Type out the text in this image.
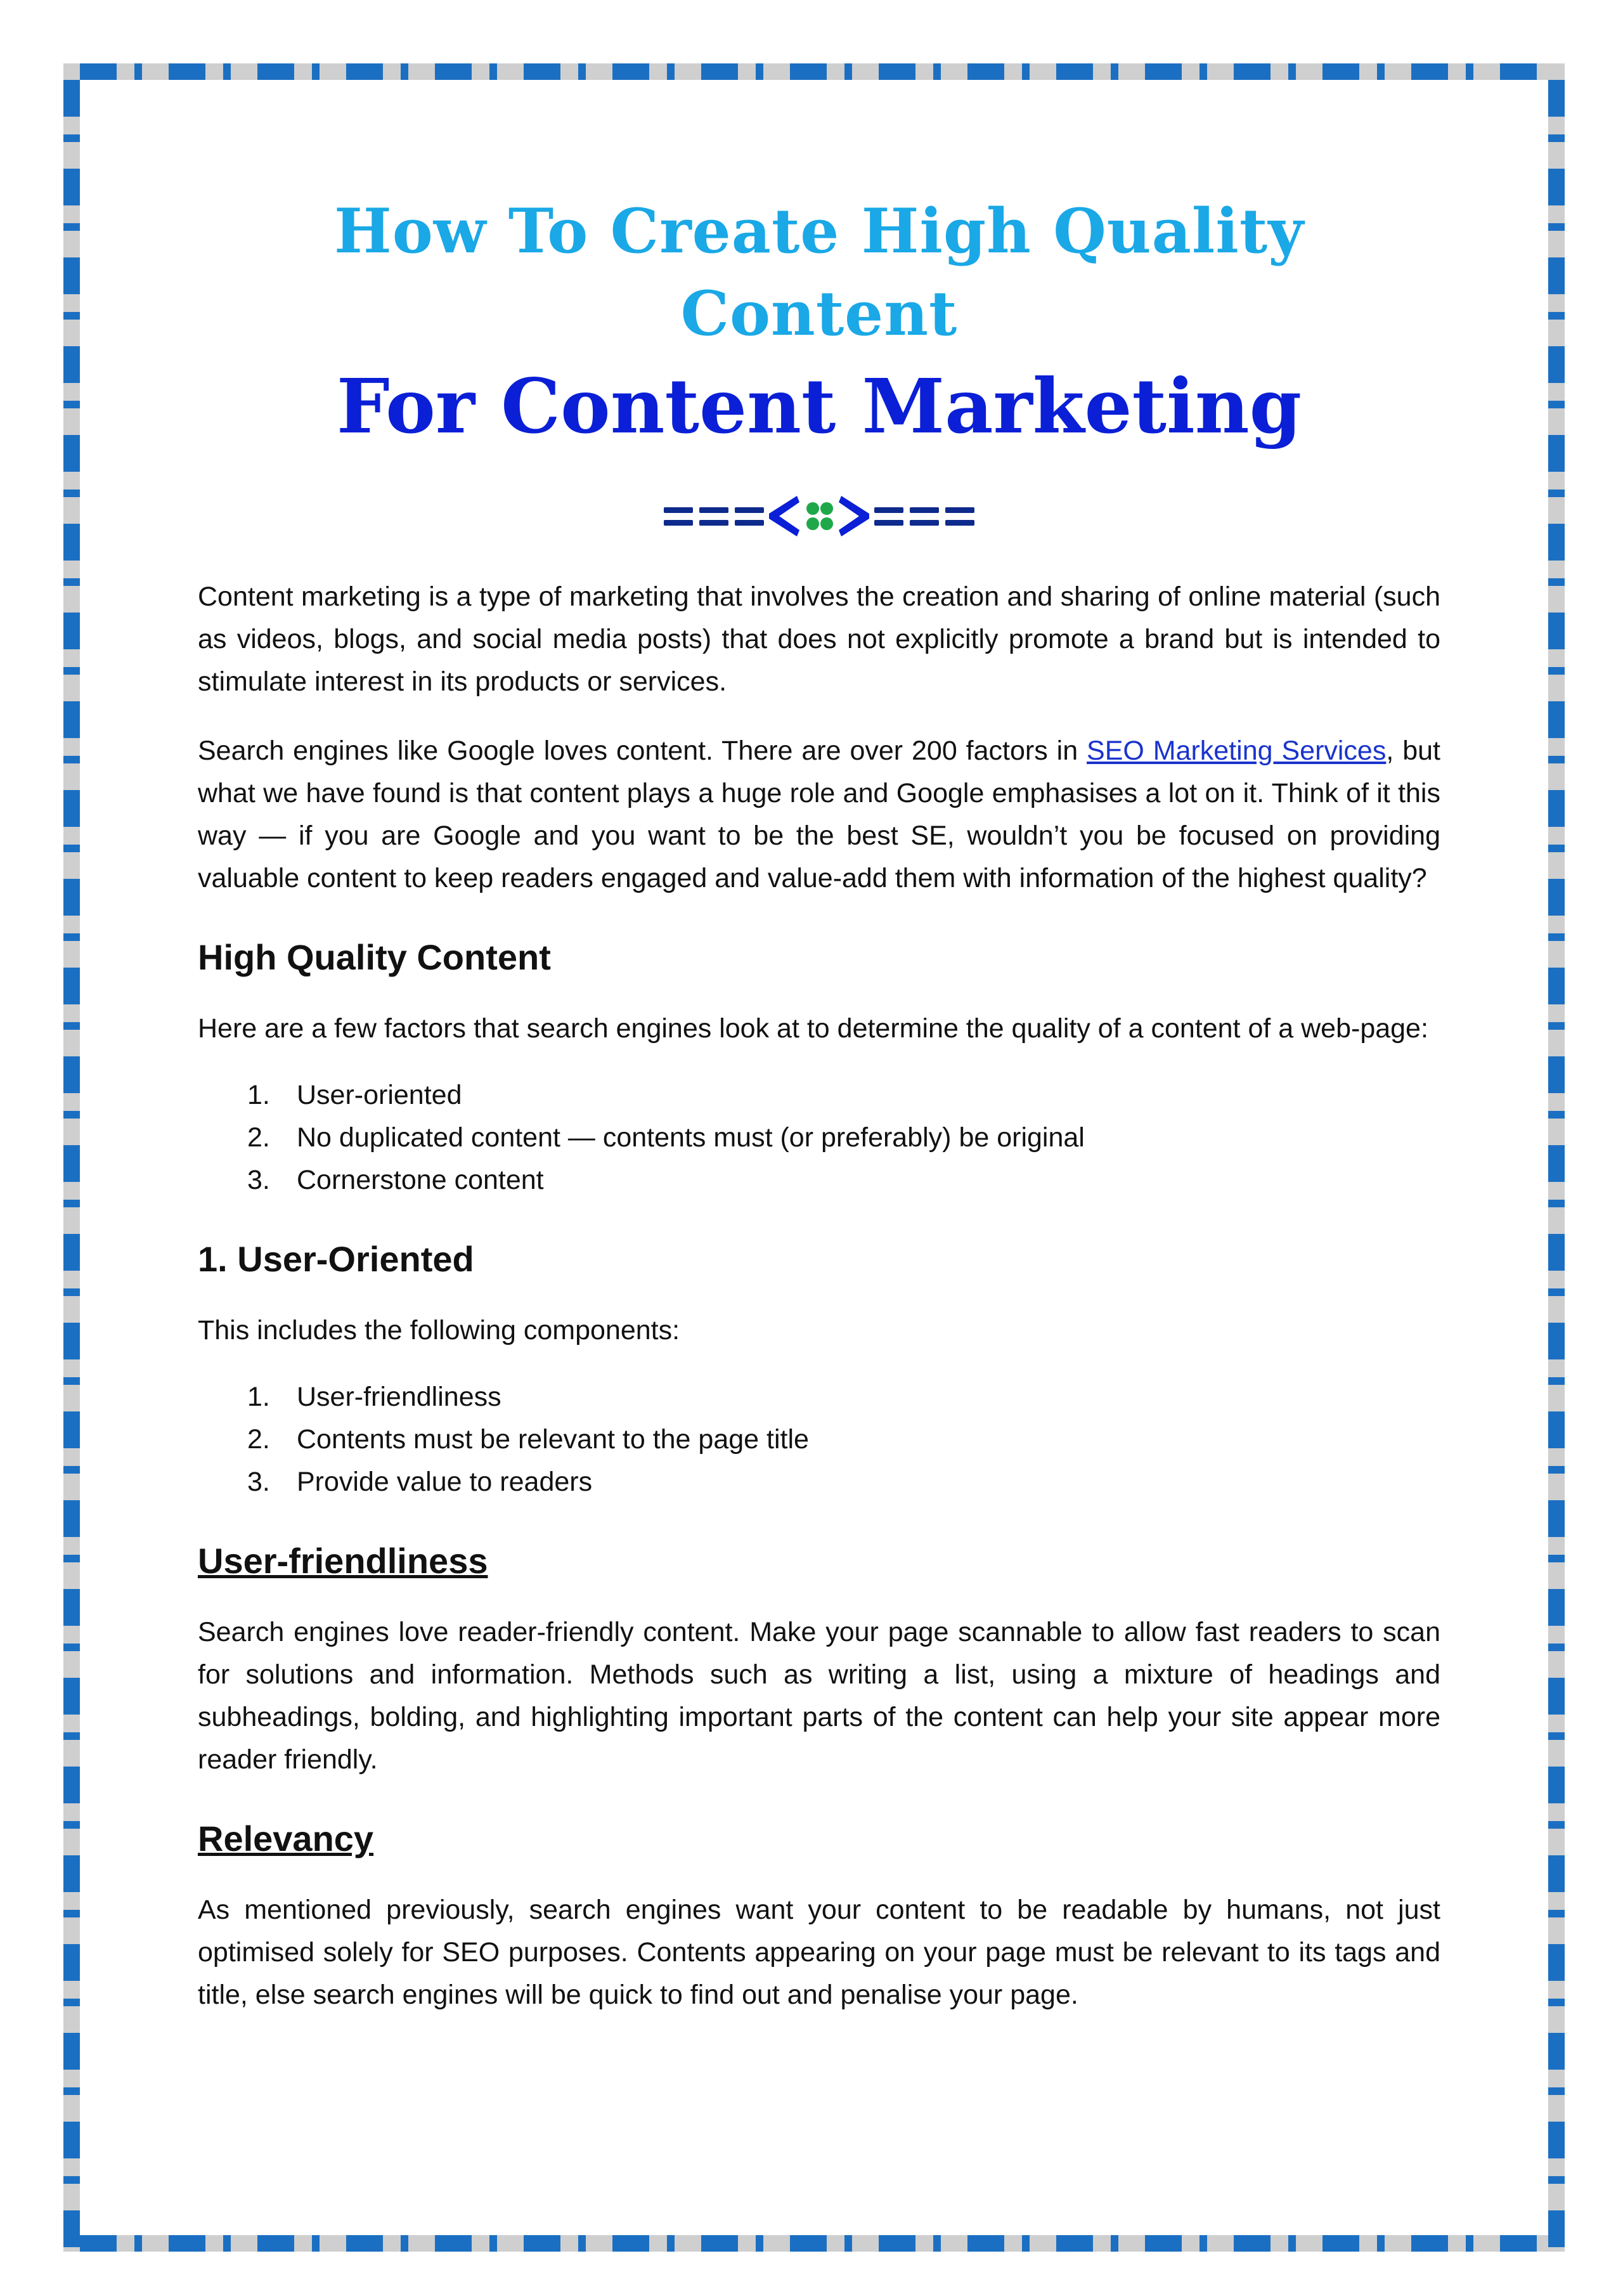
How To Create High Quality Content
For Content Marketing

Content marketing is a type of marketing that involves the creation and sharing of online material (such as videos, blogs, and social media posts) that does not explicitly promote a brand but is intended to stimulate interest in its products or services.

Search engines like Google loves content. There are over 200 factors in SEO Marketing Services, but what we have found is that content plays a huge role and Google emphasises a lot on it. Think of it this way — if you are Google and you want to be the best SE, wouldn’t you be focused on providing valuable content to keep readers engaged and value-add them with information of the highest quality?

High Quality Content

Here are a few factors that search engines look at to determine the quality of a content of a web-page:

1. User-oriented
2. No duplicated content — contents must (or preferably) be original
3. Cornerstone content
1. User-Oriented

This includes the following components:

1. User-friendliness
2. Contents must be relevant to the page title
3. Provide value to readers
User-friendliness

Search engines love reader-friendly content. Make your page scannable to allow fast readers to scan for solutions and information. Methods such as writing a list, using a mixture of headings and subheadings, bolding, and highlighting important parts of the content can help your site appear more reader friendly.

Relevancy

As mentioned previously, search engines want your content to be readable by humans, not just optimised solely for SEO purposes. Contents appearing on your page must be relevant to its tags and title, else search engines will be quick to find out and penalise your page.
